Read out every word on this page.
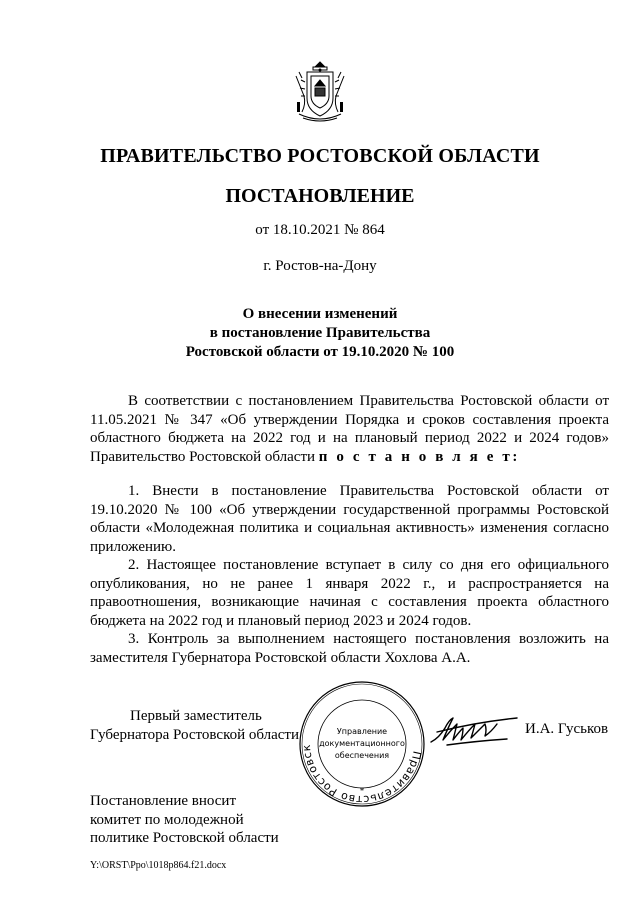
ПРАВИТЕЛЬСТВО РОСТОВСКОЙ ОБЛАСТИ
ПОСТАНОВЛЕНИЕ
от 18.10.2021 № 864
г. Ростов-на-Дону
О внесении изменений
в постановление Правительства
Ростовской области от 19.10.2020 № 100

В соответствии с постановлением Правительства Ростовской области от 11.05.2021 № 347 «Об утверждении Порядка и сроков составления проекта областного бюджета на 2022 год и на плановый период 2022 и 2024 годов» Правительство Ростовской области п о с т а н о в л я е т:

1. Внести в постановление Правительства Ростовской области от 19.10.2020 № 100 «Об утверждении государственной программы Ростовской области «Молодежная политика и социальная активность» изменения согласно приложению.

2. Настоящее постановление вступает в силу со дня его официального опубликования, но не ранее 1 января 2022 г., и распространяется на правоотношения, возникающие начиная с составления проекта областного бюджета на 2022 год и плановый период 2023 и 2024 годов.

3. Контроль за выполнением настоящего постановления возложить на заместителя Губернатора Ростовской области Хохлова А.А.

Первый заместитель
Губернатора Ростовской области
Правительство Ростовск
*
Управление
документационного
обеспечения
И.А. Гуськов
Постановление вносит
комитет по молодежной
политике Ростовской области
Y:\ORST\Ppo\1018p864.f21.docx
